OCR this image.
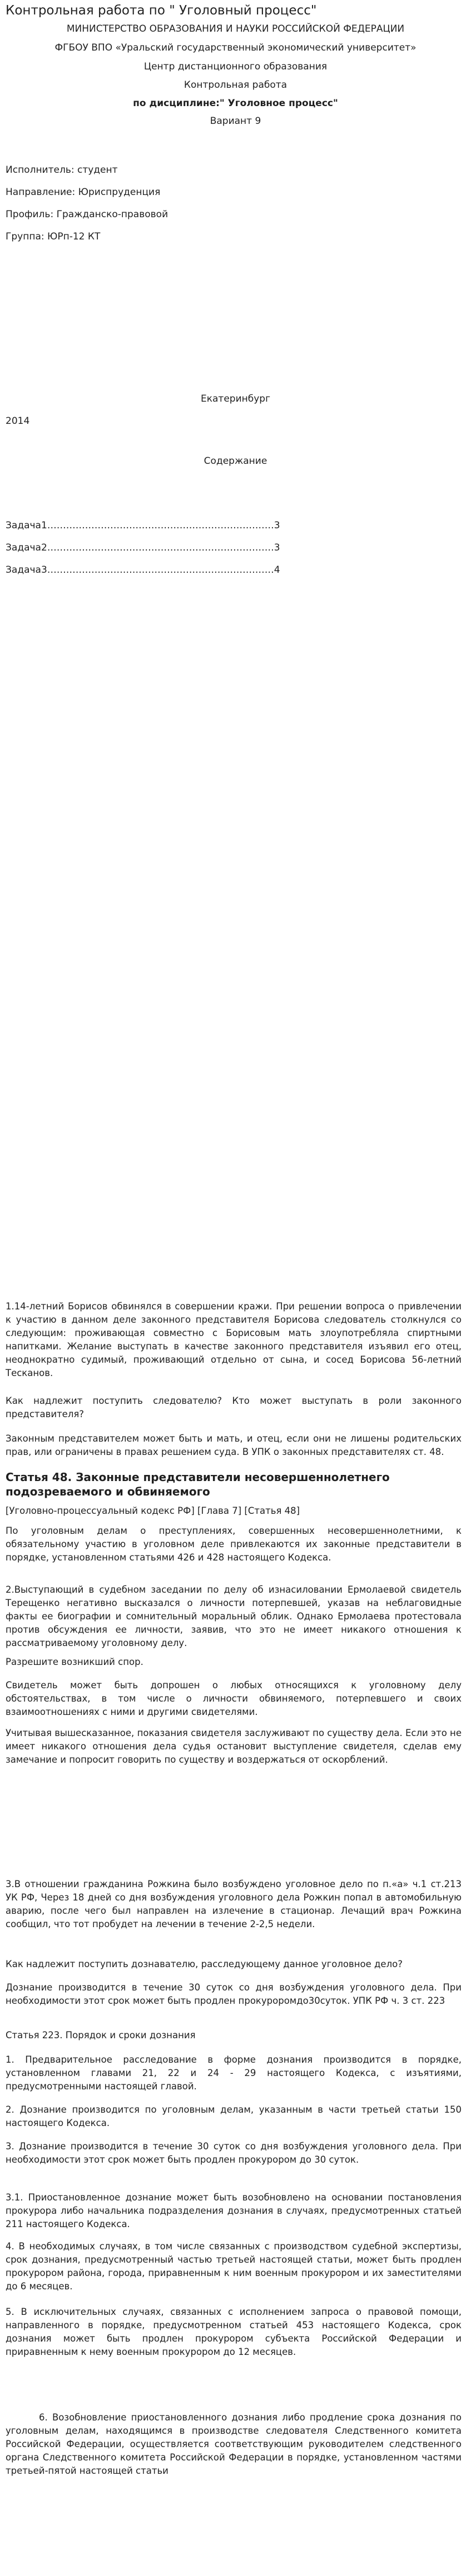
Контрольная работа по " Уголовный процесс"
МИНИСТЕРСТВО ОБРАЗОВАНИЯ И НАУКИ РОССИЙСКОЙ ФЕДЕРАЦИИ
ФГБОУ ВПО «Уральский государственный экономический университет»
Центр дистанционного образования
Контрольная работа
по дисциплине:" Уголовное процесс"
Вариант 9
Исполнитель: студент
Направление: Юриспруденция
Профиль: Гражданско-правовой
Группа: ЮРп-12 КТ
Екатеринбург
2014
Содержание
Задача1………………………………………………………………3
Задача2………………………………………………………………3
Задача3………………………………………………………………4
1.14-летний Борисов обвинялся в совершении кражи. При решении вопроса о привлечении к участию в данном деле законного представителя Борисова следователь столкнулся со следующим: проживающая совместно с Борисовым мать злоупотребляла спиртными напитками. Желание выступать в качестве законного представителя изъявил его отец, неоднократно судимый, проживающий отдельно от сына, и сосед Борисова 56-летний Тесканов.
Как надлежит поступить следователю? Кто может выступать в роли законного представителя?
Законным представителем может быть и мать, и отец, если они не лишены родительских прав, или ограничены в правах решением суда. В УПК о законных представителях ст. 48.
Статья 48. Законные представители несовершеннолетнего подозреваемого и обвиняемого
[Уголовно-процессуальный кодекс РФ] [Глава 7] [Статья 48]
По уголовным делам о преступлениях, совершенных несовершеннолетними, к обязательному участию в уголовном деле привлекаются их законные представители в порядке, установленном статьями 426 и 428 настоящего Кодекса.
2.Выступающий в судебном заседании по делу об изнасиловании Ермолаевой свидетель Терещенко негативно высказался о личности потерпевшей, указав на неблаговидные факты ее биографии и сомнительный моральный облик. Однако Ермолаева протестовала против обсуждения ее личности, заявив, что это не имеет никакого отношения к рассматриваемому уголовному делу.
Разрешите возникший спор.
Свидетель может быть допрошен о любых относящихся к уголовному делу обстоятельствах, в том числе о личности обвиняемого, потерпевшего и своих взаимоотношениях с ними и другими свидетелями.
Учитывая вышесказанное, показания свидетеля заслуживают по существу дела. Если это не имеет никакого отношения дела судья остановит выступление свидетеля, сделав ему замечание и попросит говорить по существу и воздержаться от оскорблений.
3.В отношении гражданина Рожкина было возбуждено уголовное дело по п.«а» ч.1 ст.213 УК РФ, Через 18 дней со дня возбуждения уголовного дела Рожкин попал в автомобильную аварию, после чего был направлен на излечение в стационар. Лечащий врач Рожкина сообщил, что тот пробудет на лечении в течение 2-2,5 недели.
Как надлежит поступить дознавателю, расследующему данное уголовное дело?
Дознание производится в течение 30 суток со дня возбуждения уголовного дела. При необходимости этот срок может быть продлен прокуроромдо30суток. УПК РФ ч. 3 ст. 223
Статья 223. Порядок и сроки дознания
1. Предварительное расследование в форме дознания производится в порядке, установленном главами 21, 22 и 24 - 29 настоящего Кодекса, с изъятиями, предусмотренными настоящей главой.
2. Дознание производится по уголовным делам, указанным в части третьей статьи 150 настоящего Кодекса.
3. Дознание производится в течение 30 суток со дня возбуждения уголовного дела. При необходимости этот срок может быть продлен прокурором до 30 суток.
3.1. Приостановленное дознание может быть возобновлено на основании постановления прокурора либо начальника подразделения дознания в случаях, предусмотренных статьей 211 настоящего Кодекса.
4. В необходимых случаях, в том числе связанных с производством судебной экспертизы, срок дознания, предусмотренный частью третьей настоящей статьи, может быть продлен прокурором района, города, приравненным к ним военным прокурором и их заместителями до 6 месяцев.
5. В исключительных случаях, связанных с исполнением запроса о правовой помощи, направленного в порядке, предусмотренном статьей 453 настоящего Кодекса, срок дознания может быть продлен прокурором субъекта Российской Федерации и приравненным к нему военным прокурором до 12 месяцев.
6. Возобновление приостановленного дознания либо продление срока дознания по уголовным делам, находящимся в производстве следователя Следственного комитета Российской Федерации, осуществляется соответствующим руководителем следственного органа Следственного комитета Российской Федерации в порядке, установленном частями третьей-пятой настоящей статьи
